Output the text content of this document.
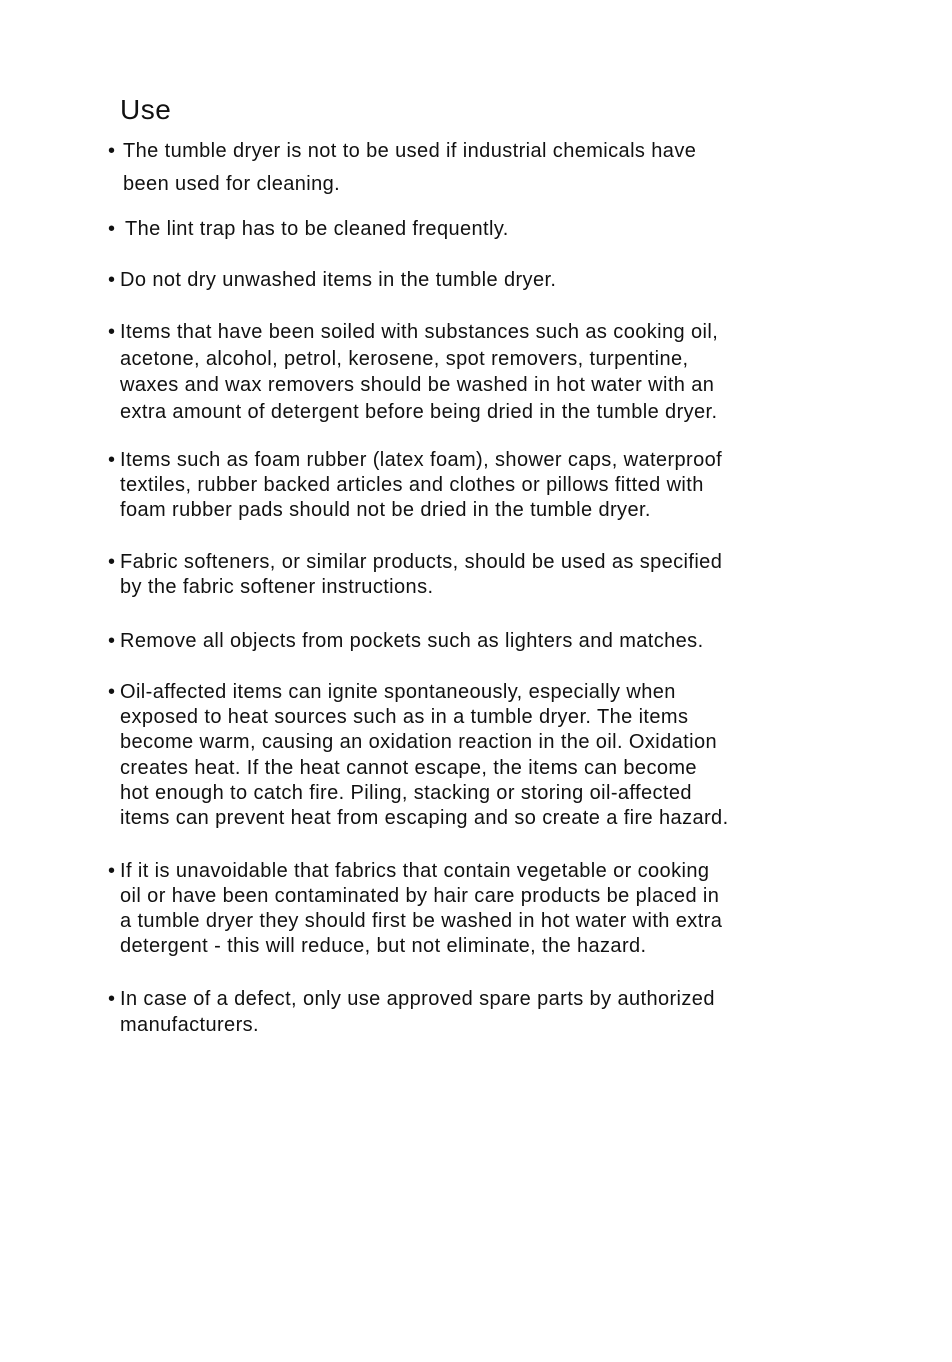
Use
• The tumble dryer is not to be used if industrial chemicals have
been used for cleaning.
• The lint trap has to be cleaned frequently.
• Do not dry unwashed items in the tumble dryer.
• Items that have been soiled with substances such as cooking oil,
acetone, alcohol, petrol, kerosene, spot removers, turpentine,
waxes and wax removers should be washed in hot water with an
extra amount of detergent before being dried in the tumble dryer.
• Items such as foam rubber (latex foam), shower caps, waterproof
textiles, rubber backed articles and clothes or pillows fitted with
foam rubber pads should not be dried in the tumble dryer.
• Fabric softeners, or similar products, should be used as specified
by the fabric softener instructions.
• Remove all objects from pockets such as lighters and matches.
• Oil-affected items can ignite spontaneously, especially when
exposed to heat sources such as in a tumble dryer. The items
become warm, causing an oxidation reaction in the oil. Oxidation
creates heat. If the heat cannot escape, the items can become
hot enough to catch fire. Piling, stacking or storing oil-affected
items can prevent heat from escaping and so create a fire hazard.
• If it is unavoidable that fabrics that contain vegetable or cooking
oil or have been contaminated by hair care products be placed in
a tumble dryer they should first be washed in hot water with extra
detergent - this will reduce, but not eliminate, the hazard.
• In case of a defect, only use approved spare parts by authorized
manufacturers.
